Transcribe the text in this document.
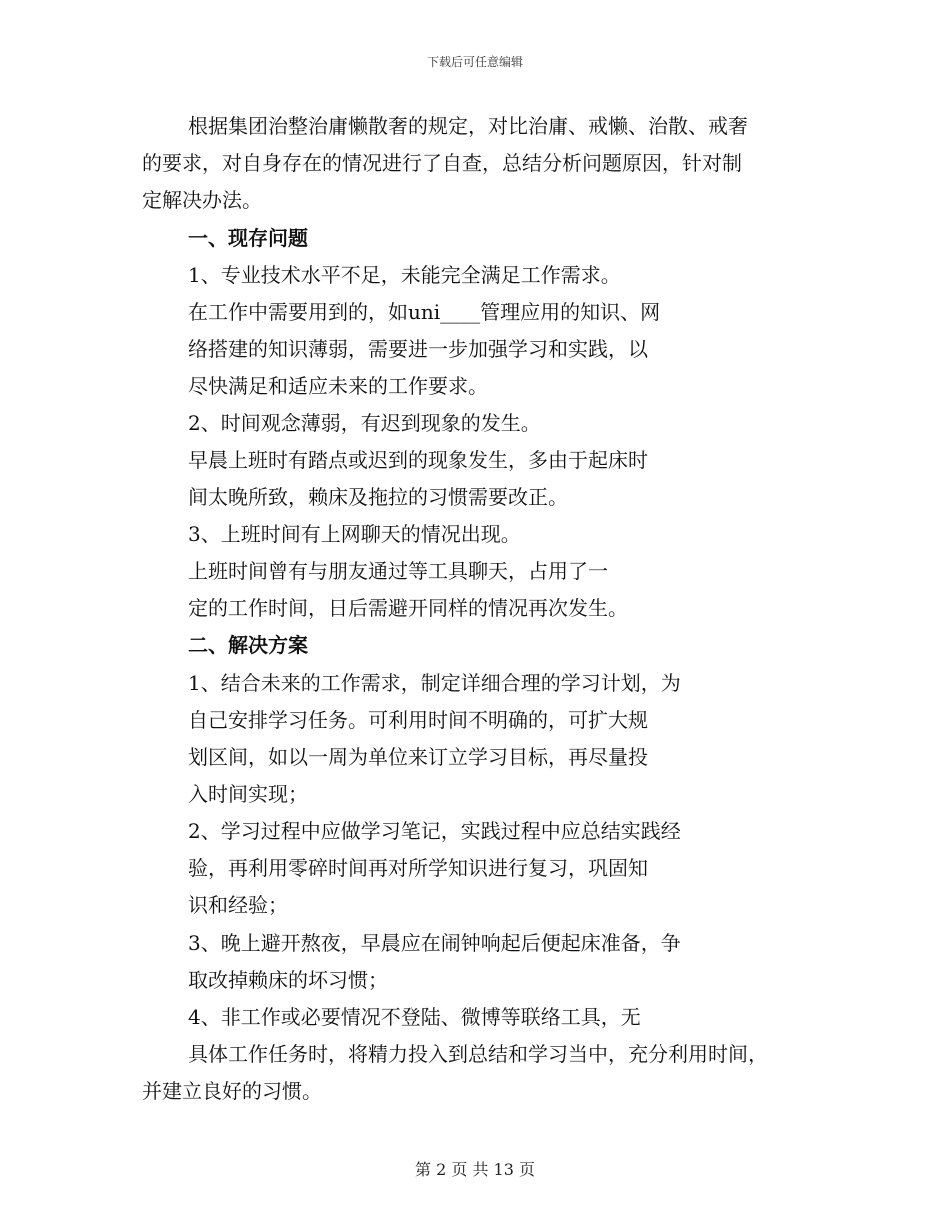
下载后可任意编辑
根据集团治整治庸懒散奢的规定，对比治庸、戒懒、治散、戒奢
的要求，对自身存在的情况进行了自查，总结分析问题原因，针对制
定解决办法。
一、现存问题
1、专业技术水平不足，未能完全满足工作需求。
在工作中需要用到的，如uni____管理应用的知识、网
络搭建的知识薄弱，需要进一步加强学习和实践，以
尽快满足和适应未来的工作要求。
2、时间观念薄弱，有迟到现象的发生。
早晨上班时有踏点或迟到的现象发生，多由于起床时
间太晚所致，赖床及拖拉的习惯需要改正。
3、上班时间有上网聊天的情况出现。
上班时间曾有与朋友通过等工具聊天，占用了一
定的工作时间，日后需避开同样的情况再次发生。
二、解决方案
1、结合未来的工作需求，制定详细合理的学习计划，为
自己安排学习任务。可利用时间不明确的，可扩大规
划区间，如以一周为单位来订立学习目标，再尽量投
入时间实现；
2、学习过程中应做学习笔记，实践过程中应总结实践经
验，再利用零碎时间再对所学知识进行复习，巩固知
识和经验；
3、晚上避开熬夜，早晨应在闹钟响起后便起床准备，争
取改掉赖床的坏习惯；
4、非工作或必要情况不登陆、微博等联络工具，无
具体工作任务时，将精力投入到总结和学习当中，充分利用时间，
并建立良好的习惯。
第 2 页 共 13 页
